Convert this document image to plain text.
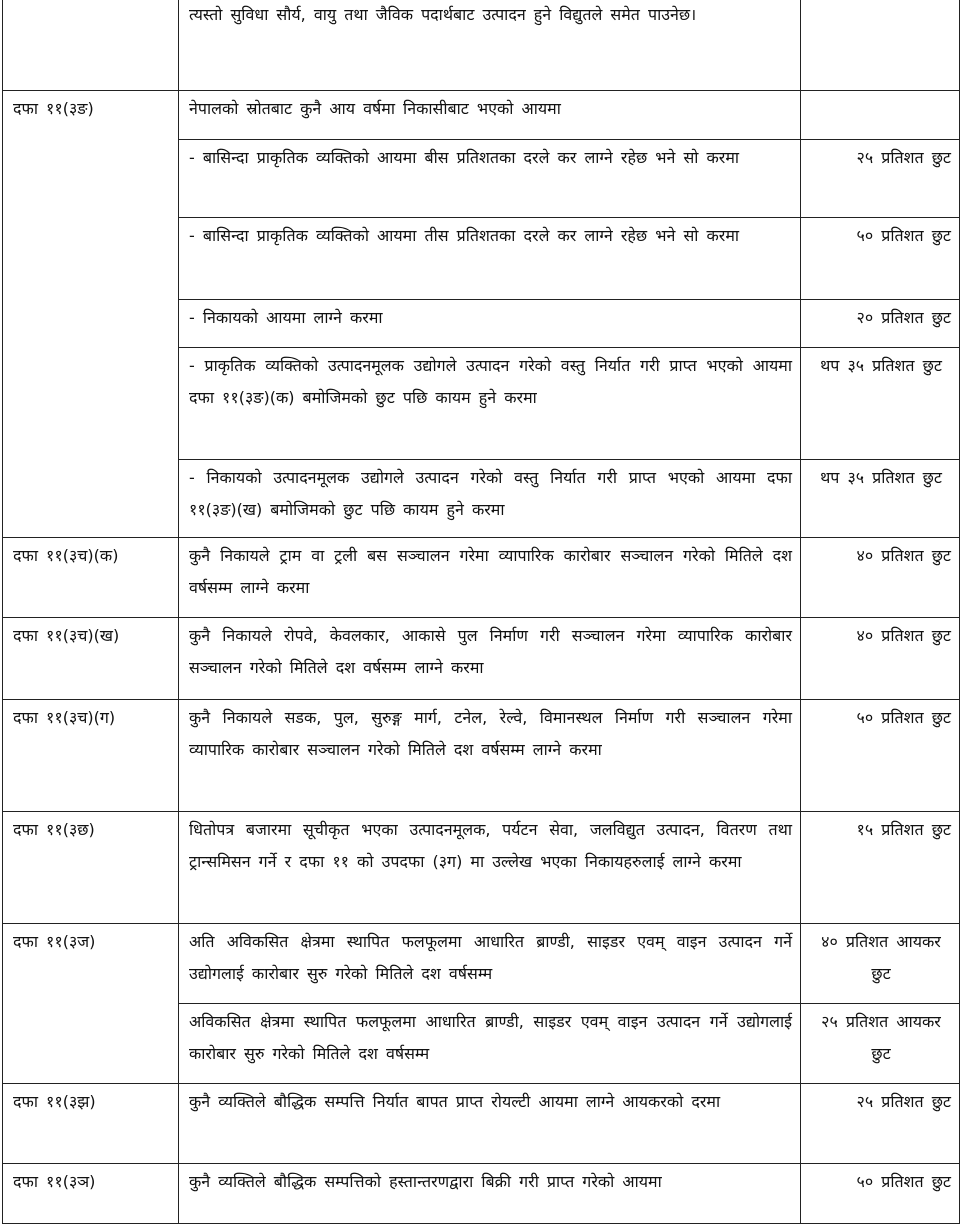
	त्यस्तो सुविधा सौर्य, वायु तथा जैविक पदार्थबाट उत्पादन हुने विद्युतले समेत पाउनेछ।	
दफा ११(३ङ)	नेपालको स्रोतबाट कुनै आय वर्षमा निकासीबाट भएको आयमा	
	- बासिन्दा प्राकृतिक व्यक्तिको आयमा बीस प्रतिशतका दरले कर लाग्ने रहेछ भने सो करमा	२५ प्रतिशत छुट
	- बासिन्दा प्राकृतिक व्यक्तिको आयमा तीस प्रतिशतका दरले कर लाग्ने रहेछ भने सो करमा	५० प्रतिशत छुट
	- निकायको आयमा लाग्ने करमा	२० प्रतिशत छुट
	- प्राकृतिक व्यक्तिको उत्पादनमूलक उद्योगले उत्पादन गरेको वस्तु निर्यात गरी प्राप्त भएको आयमा दफा ११(३ङ)(क) बमोजिमको छुट पछि कायम हुने करमा	थप ३५ प्रतिशत छुट
	- निकायको उत्पादनमूलक उद्योगले उत्पादन गरेको वस्तु निर्यात गरी प्राप्त भएको आयमा दफा ११(३ङ)(ख) बमोजिमको छुट पछि कायम हुने करमा	थप ३५ प्रतिशत छुट
दफा ११(३च)(क)	कुनै निकायले ट्राम वा ट्रली बस सञ्चालन गरेमा व्यापारिक कारोबार सञ्चालन गरेको मितिले दश वर्षसम्म लाग्ने करमा	४० प्रतिशत छुट
दफा ११(३च)(ख)	कुनै निकायले रोपवे, केवलकार, आकासे पुल निर्माण गरी सञ्चालन गरेमा व्यापारिक कारोबार सञ्चालन गरेको मितिले दश वर्षसम्म लाग्ने करमा	४० प्रतिशत छुट
दफा ११(३च)(ग)	कुनै निकायले सडक, पुल, सुरुङ्ग मार्ग, टनेल, रेल्वे, विमानस्थल निर्माण गरी सञ्चालन गरेमा व्यापारिक कारोबार सञ्चालन गरेको मितिले दश वर्षसम्म लाग्ने करमा	५० प्रतिशत छुट
दफा ११(३छ)	धितोपत्र बजारमा सूचीकृत भएका उत्पादनमूलक, पर्यटन सेवा, जलविद्युत उत्पादन, वितरण तथा ट्रान्समिसन गर्ने र दफा ११ को उपदफा (३ग) मा उल्लेख भएका निकायहरुलाई लाग्ने करमा	१५ प्रतिशत छुट
दफा ११(३ज)	अति अविकसित क्षेत्रमा स्थापित फलफूलमा आधारित ब्राण्डी, साइडर एवम् वाइन उत्पादन गर्ने उद्योगलाई कारोबार सुरु गरेको मितिले दश वर्षसम्म	४० प्रतिशत आयकर छुट
	अविकसित क्षेत्रमा स्थापित फलफूलमा आधारित ब्राण्डी, साइडर एवम् वाइन उत्पादन गर्ने उद्योगलाई कारोबार सुरु गरेको मितिले दश वर्षसम्म	२५ प्रतिशत आयकर छुट
दफा ११(३झ)	कुनै व्यक्तिले बौद्धिक सम्पत्ति निर्यात बापत प्राप्त रोयल्टी आयमा लाग्ने आयकरको दरमा	२५ प्रतिशत छुट
दफा ११(३ञ)	कुनै व्यक्तिले बौद्धिक सम्पत्तिको हस्तान्तरणद्वारा बिक्री गरी प्राप्त गरेको आयमा	५० प्रतिशत छुट
